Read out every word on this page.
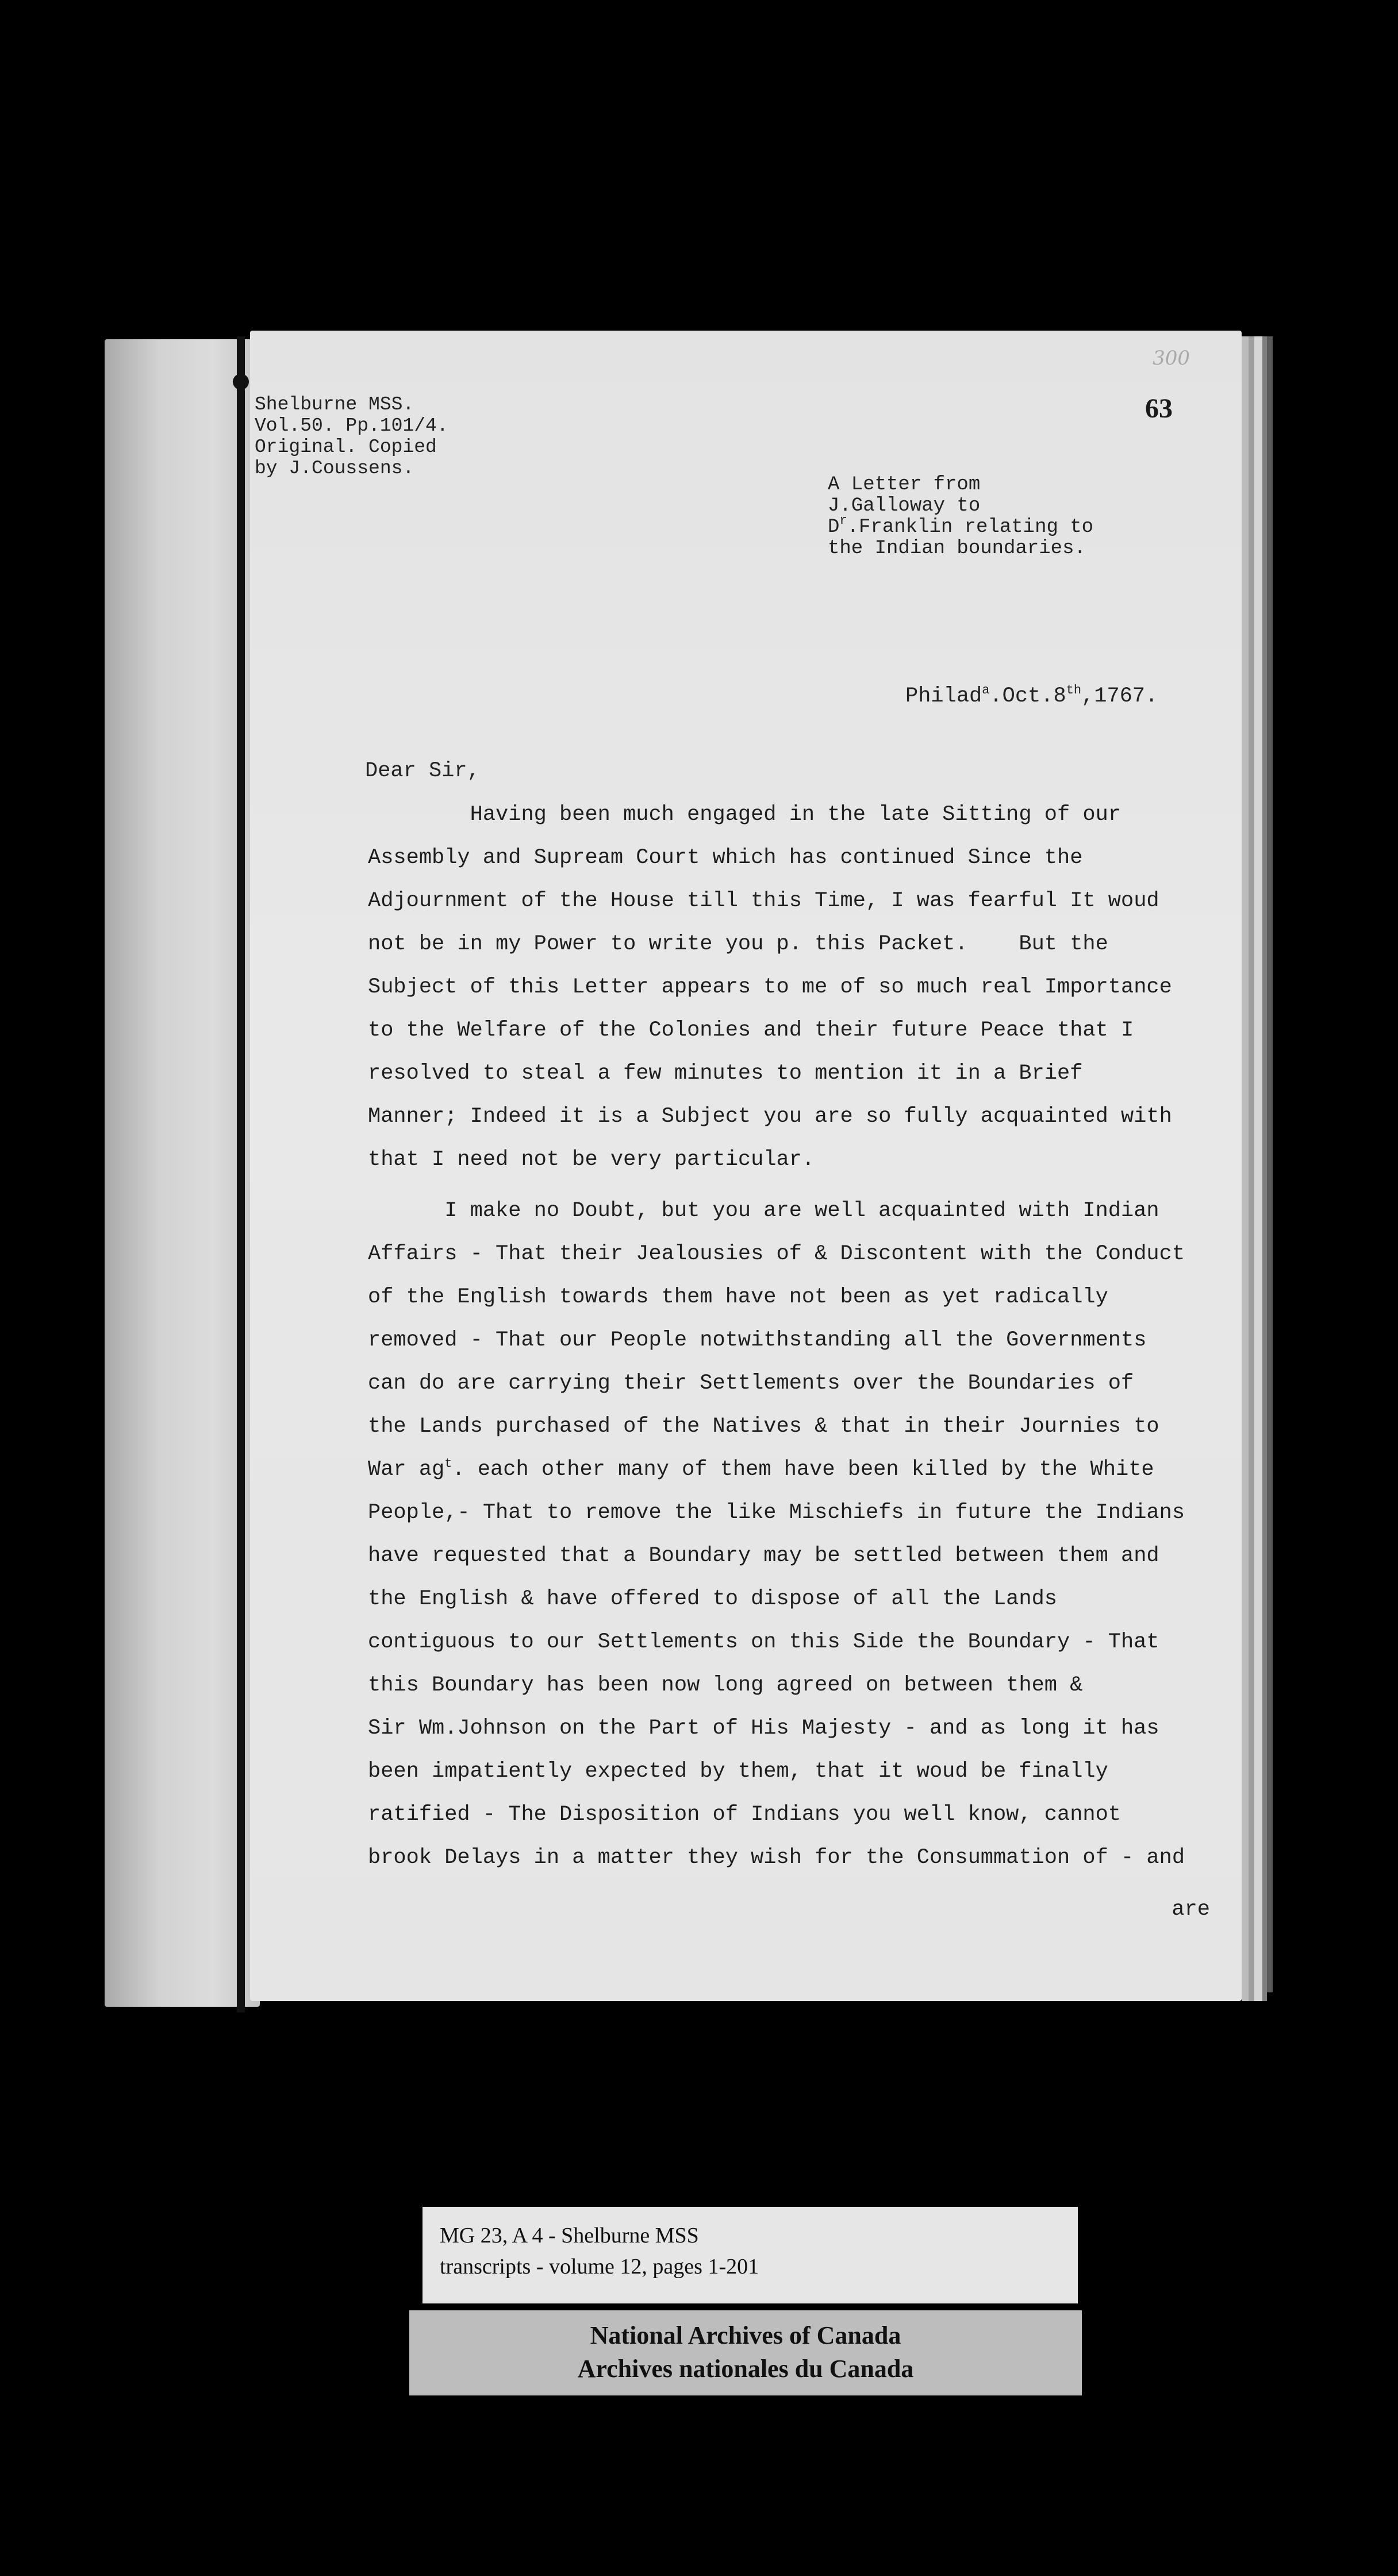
300
63
Shelburne MSS.
Vol.50. Pp.101/4.
Original. Copied
by J.Coussens.
A Letter from
J.Galloway to
$D^r.Franklin$ relating to
the Indian boundaries.
Philad$^a$.Oct.8th,1767.
Dear Sir,
Having been much engaged in the late Sitting of our
Assembly and Supream Court which has continued Since the
Adjournment of the House till this Time, I was fearful It woud
not be in my Power to write you p. this Packet.    But the
Subject of this Letter appears to me of so much real Importance
to the Welfare of the Colonies and their future Peace that I
resolved to steal a few minutes to mention it in a Brief
Manner; Indeed it is a Subject you are so fully acquainted with
that I need not be very particular.
I make no Doubt, but you are well acquainted with Indian
Affairs - That their Jealousies of & Discontent with the Conduct
of the English towards them have not been as yet radically
removed - That our People notwithstanding all the Governments
can do are carrying their Settlements over the Boundaries of
the Lands purchased of the Natives & that in their Journies to
War $ag^t$. each other many of them have been killed by the White
People,- That to remove the like Mischiefs in future the Indians
have requested that a Boundary may be settled between them and
the English & have offered to dispose of all the Lands
contiguous to our Settlements on this Side the Boundary - That
this Boundary has been now long agreed on between them &
Sir Wm.Johnson on the Part of His Majesty - and as long it has
been impatiently expected by them, that it woud be finally
ratified - The Disposition of Indians you well know, cannot
brook Delays in a matter they wish for the Consummation of - and
are
MG 23, A 4 - Shelburne MSS
transcripts - volume 12, pages 1-201
National Archives of Canada
Archives nationales du Canada
